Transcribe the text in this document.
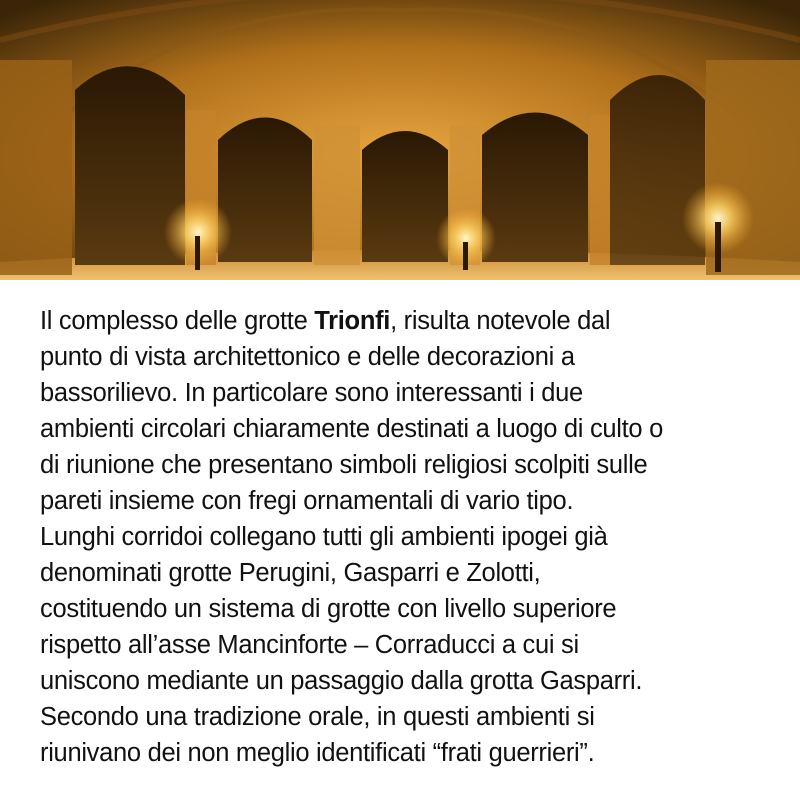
Il complesso delle grotte Trionfi, risulta notevole dal
punto di vista architettonico e delle decorazioni a
bassorilievo. In particolare sono interessanti i due
ambienti circolari chiaramente destinati a luogo di culto o
di riunione che presentano simboli religiosi scolpiti sulle
pareti insieme con fregi ornamentali di vario tipo.
Lunghi corridoi collegano tutti gli ambienti ipogei già
denominati grotte Perugini, Gasparri e Zolotti,
costituendo un sistema di grotte con livello superiore
rispetto all’asse Mancinforte – Corraducci a cui si
uniscono mediante un passaggio dalla grotta Gasparri.
Secondo una tradizione orale, in questi ambienti si
riunivano dei non meglio identificati “frati guerrieri”.
